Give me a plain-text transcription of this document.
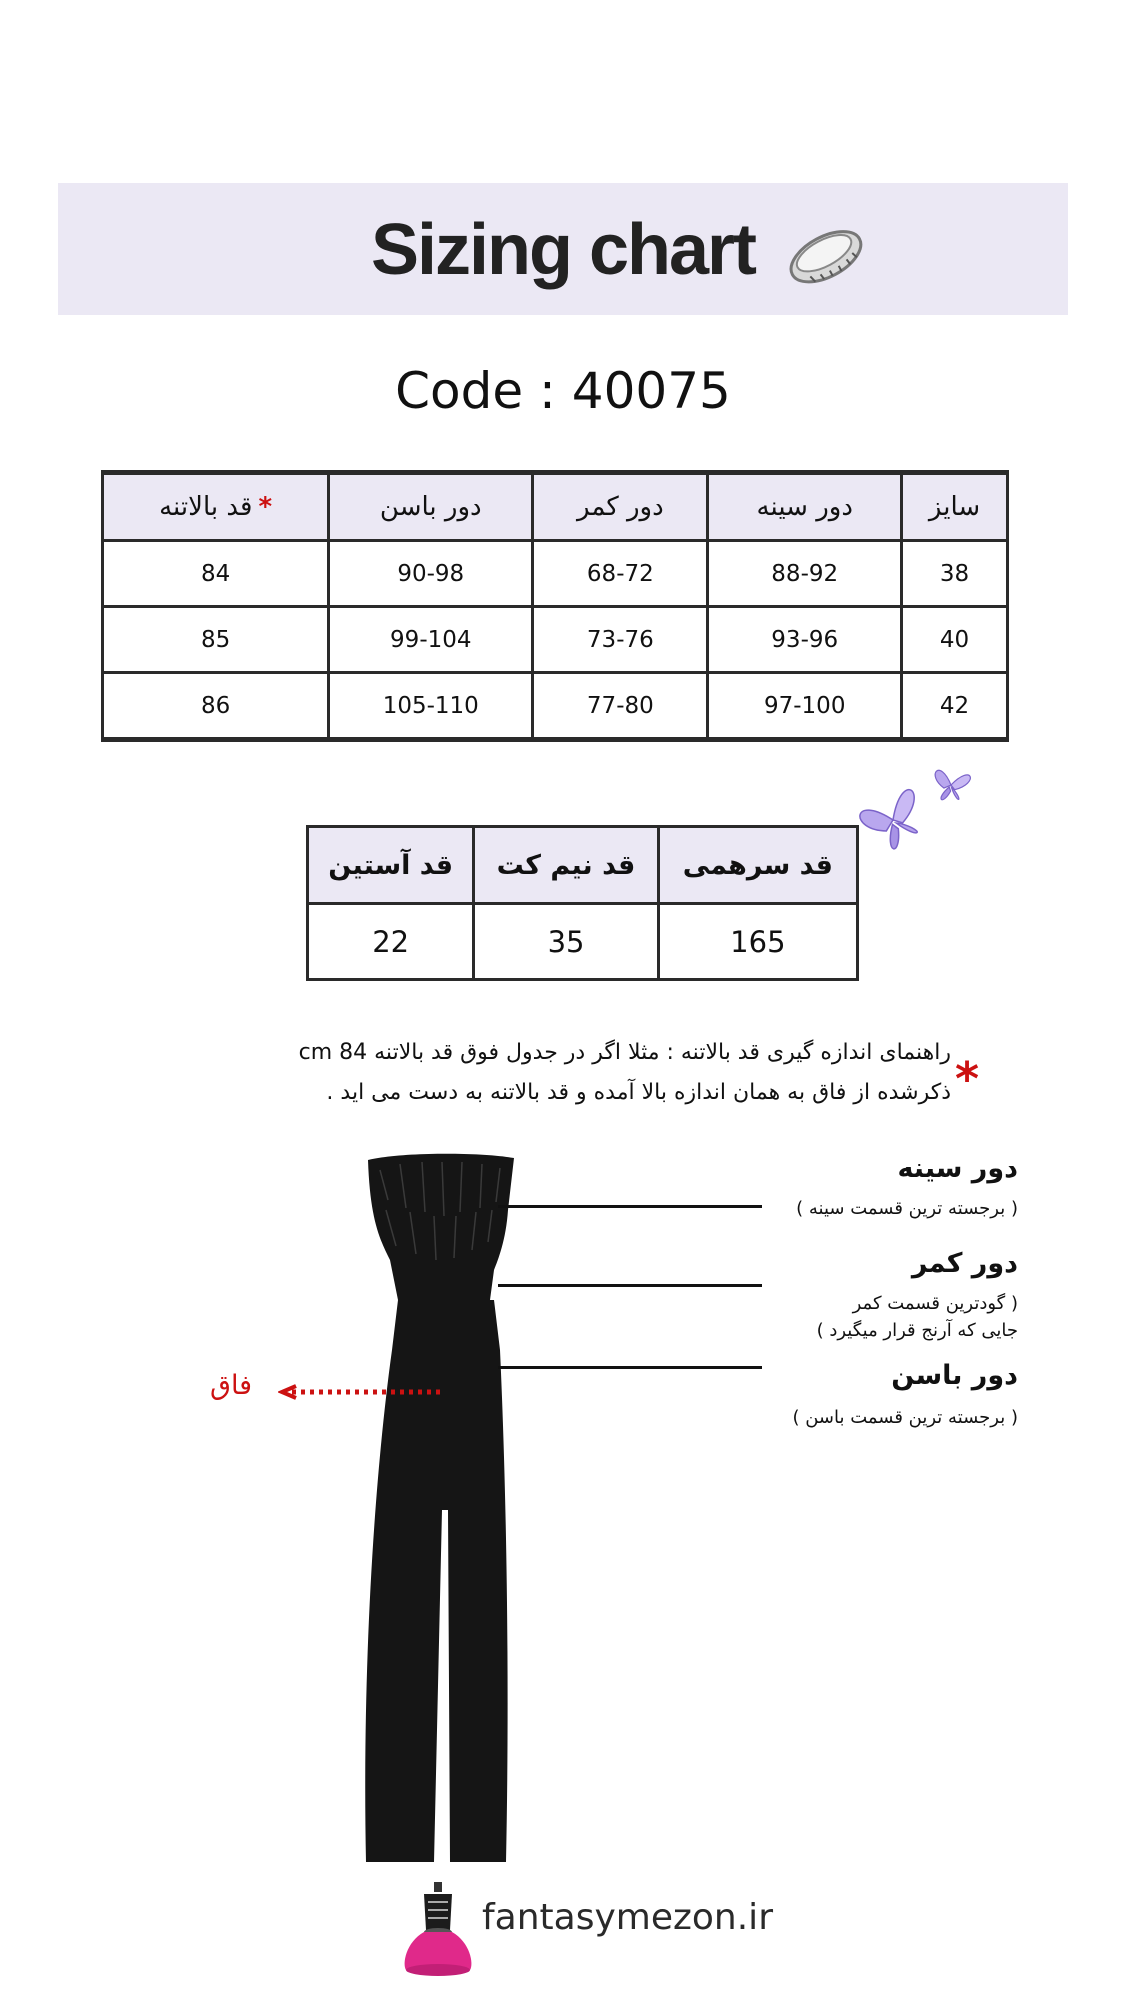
Sizing chart
Code : 40075
سایز	دور سینه	دور کمر	دور باسن	*قد بالاتنه
38	88-92	68-72	90-98	84
40	93-96	73-76	99-104	85
42	97-100	77-80	105-110	86
قد سرهمی	قد نیم کت	قد آستین
165	35	22
*
راهنمای اندازه گیری قد بالاتنه : مثلا اگر در جدول فوق قد بالاتنه 84 cm
ذکرشده از فاق به همان اندازه بالا آمده و قد بالاتنه به دست می اید .
دور سینه
( برجسته ترین قسمت سینه )
دور کمر
( گودترین قسمت کمر
جایی که آرنج قرار میگیرد )
دور باسن
( برجسته ترین قسمت باسن )
فاق
fantasymezon.ir
